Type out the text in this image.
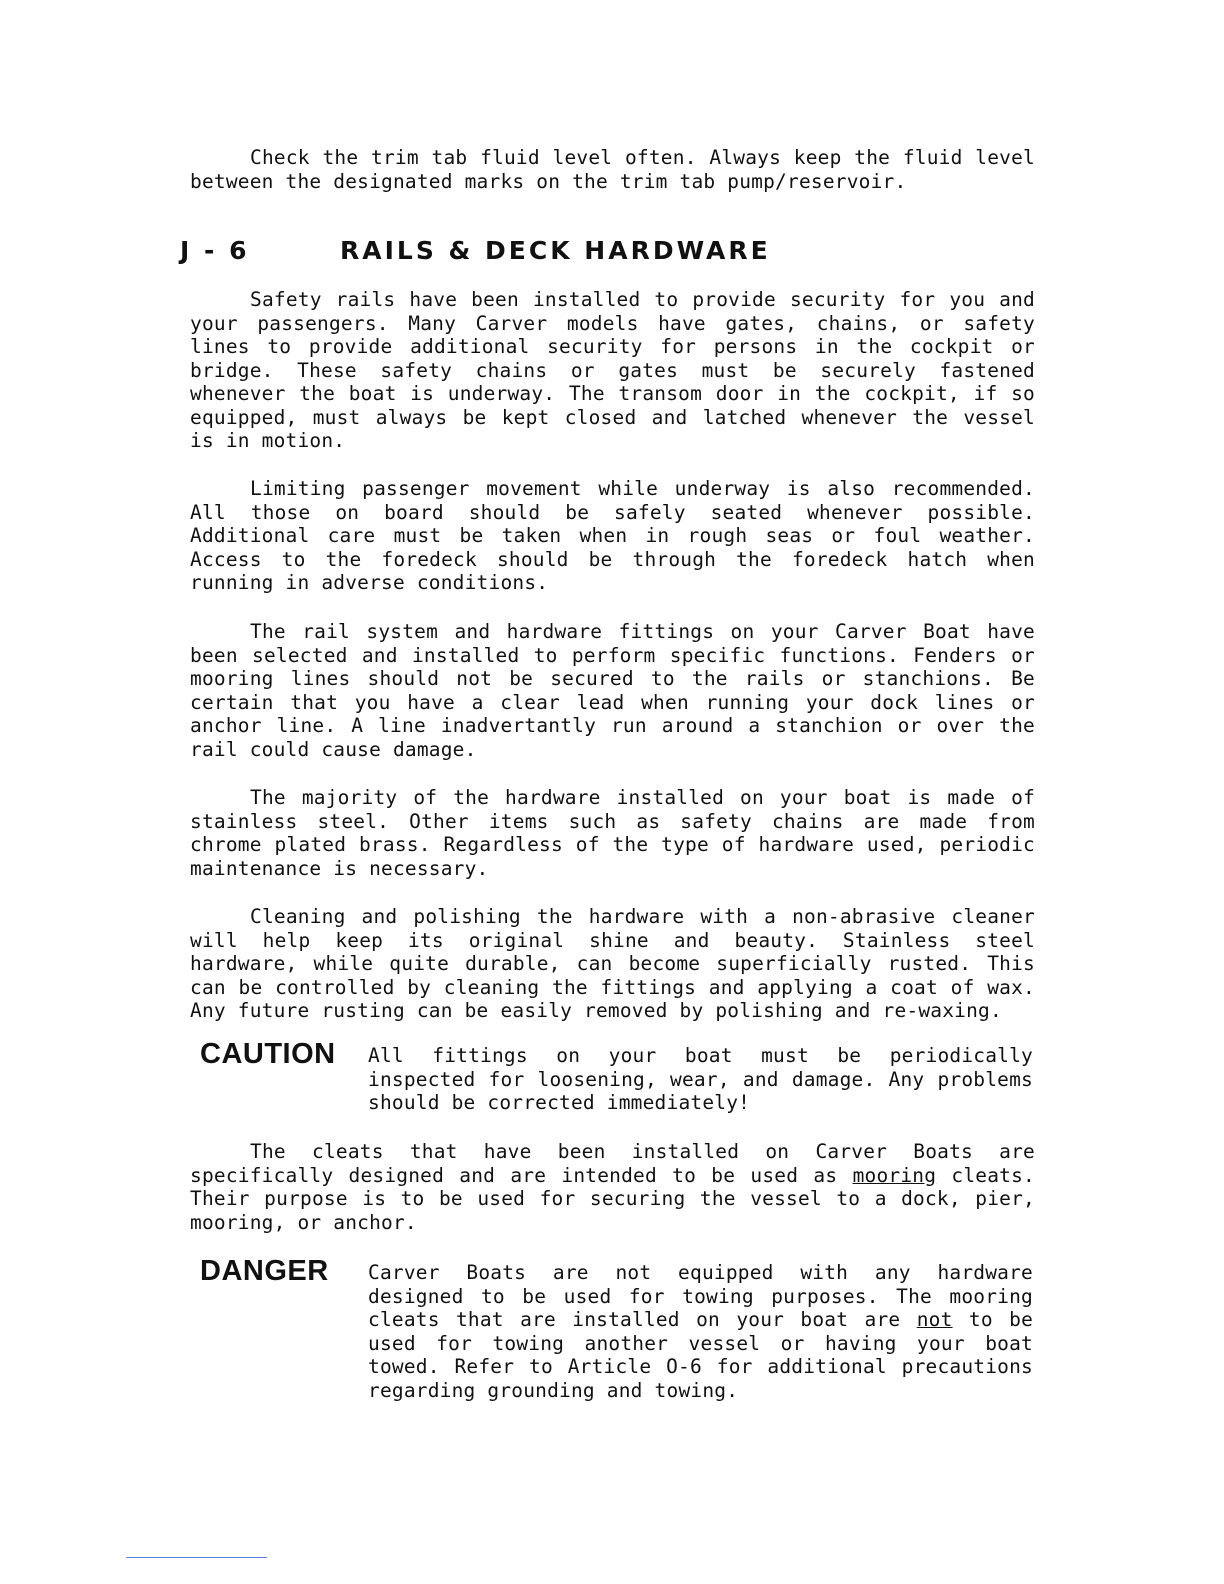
Check the trim tab fluid level often. Always keep the fluid level between the designated marks on the trim tab pump/reservoir.

J - 6	RAILS & DECK HARDWARE

Safety rails have been installed to provide security for you and your passengers. Many Carver models have gates, chains, or safety lines to provide additional security for persons in the cockpit or bridge. These safety chains or gates must be securely fastened whenever the boat is underway. The transom door in the cockpit, if so equipped, must always be kept closed and latched whenever the vessel is in motion.

Limiting passenger movement while underway is also recommended. All those on board should be safely seated whenever possible. Additional care must be taken when in rough seas or foul weather. Access to the foredeck should be through the foredeck hatch when running in adverse conditions.

The rail system and hardware fittings on your Carver Boat have been selected and installed to perform specific functions. Fenders or mooring lines should not be secured to the rails or stanchions. Be certain that you have a clear lead when running your dock lines or anchor line. A line inadvertantly run around a stanchion or over the rail could cause damage.

The majority of the hardware installed on your boat is made of stainless steel. Other items such as safety chains are made from chrome plated brass. Regardless of the type of hardware used, periodic maintenance is necessary.

Cleaning and polishing the hardware with a non-abrasive cleaner will help keep its original shine and beauty. Stainless steel hardware, while quite durable, can become superficially rusted. This can be controlled by cleaning the fittings and applying a coat of wax. Any future rusting can be easily removed by polishing and re-waxing.

CAUTION All fittings on your boat must be periodically inspected for loosening, wear, and damage. Any problems should be corrected immediately!

The cleats that have been installed on Carver Boats are specifically designed and are intended to be used as mooring cleats. Their purpose is to be used for securing the vessel to a dock, pier, mooring, or anchor.

DANGER Carver Boats are not equipped with any hardware designed to be used for towing purposes. The mooring cleats that are installed on your boat are not to be used for towing another vessel or having your boat towed. Refer to Article O-6 for additional precautions regarding grounding and towing.
